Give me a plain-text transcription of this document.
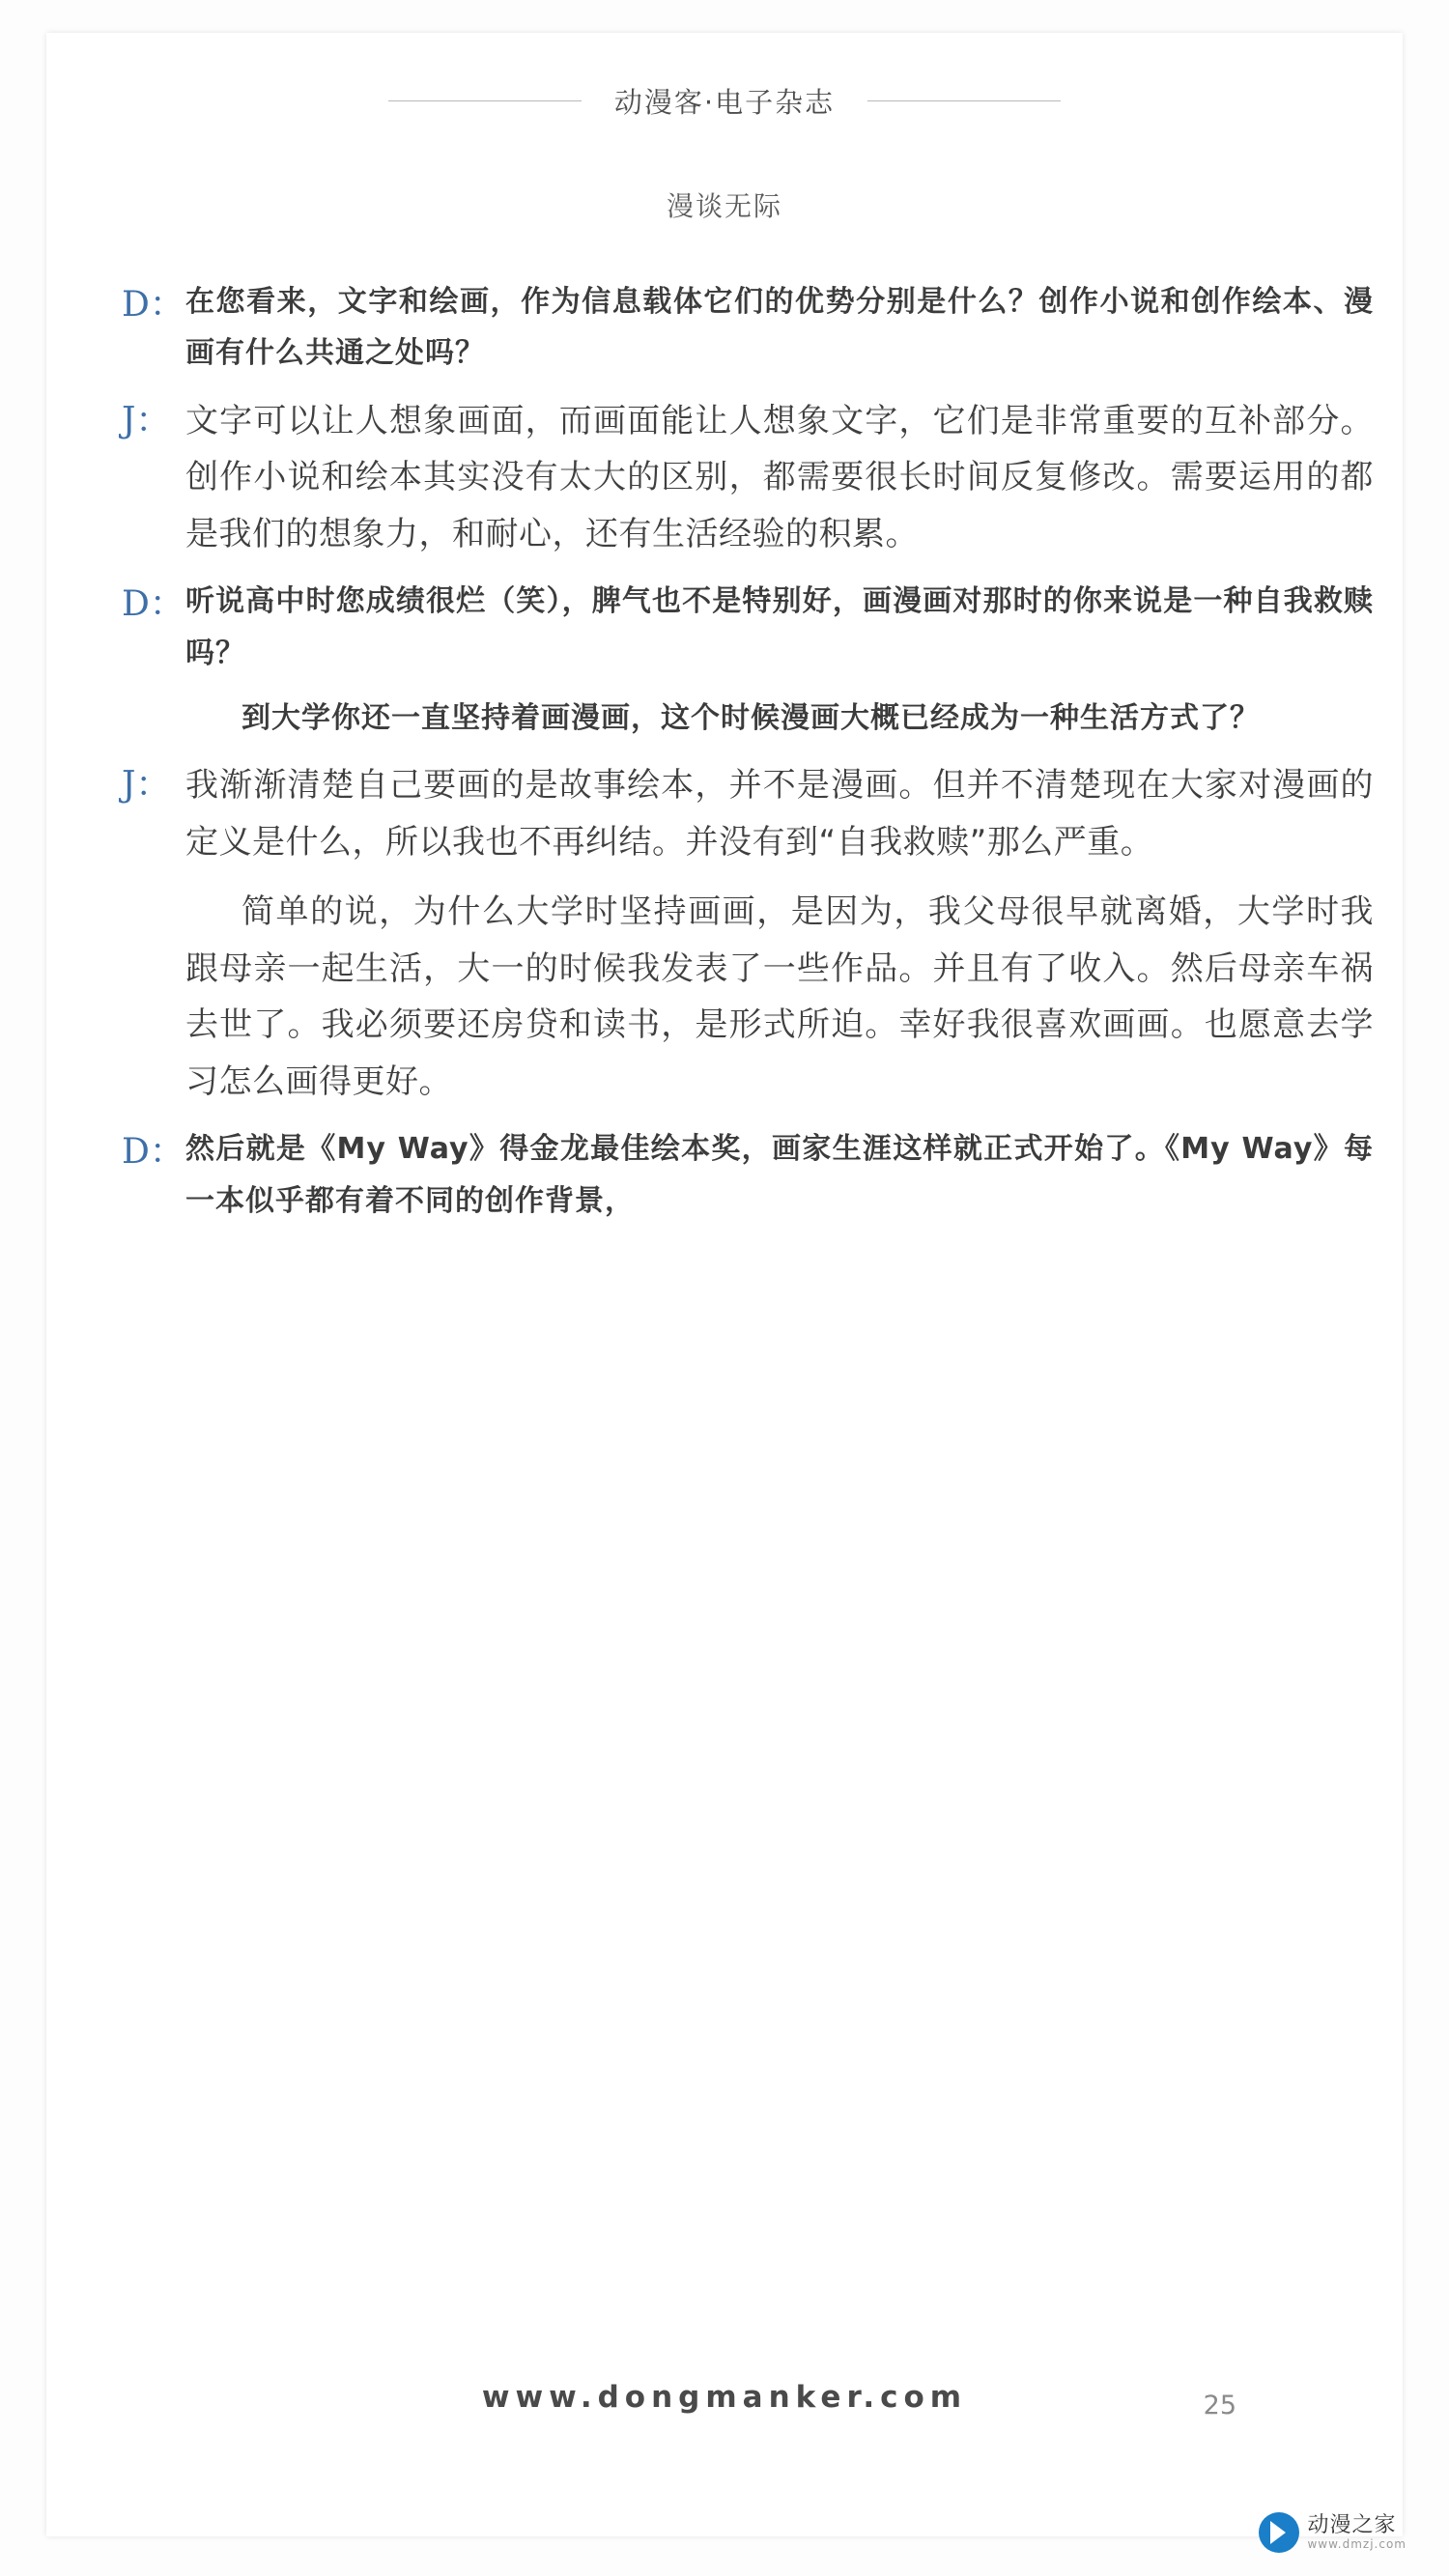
动漫客·电子杂志
漫谈无际
D： 在您看来，文字和绘画，作为信息载体它们的优势分别是什么？创作小说和创作绘本、漫画有什么共通之处吗？
J： 文字可以让人想象画面，而画面能让人想象文字，它们是非常重要的互补部分。创作小说和绘本其实没有太大的区别，都需要很长时间反复修改。需要运用的都是我们的想象力，和耐心，还有生活经验的积累。
D： 听说高中时您成绩很烂（笑），脾气也不是特别好，画漫画对那时的你来说是一种自我救赎吗？
到大学你还一直坚持着画漫画，这个时候漫画大概已经成为一种生活方式了？
J： 我渐渐清楚自己要画的是故事绘本，并不是漫画。但并不清楚现在大家对漫画的定义是什么，所以我也不再纠结。并没有到“自我救赎”那么严重。
简单的说，为什么大学时坚持画画，是因为，我父母很早就离婚，大学时我跟母亲一起生活，大一的时候我发表了一些作品。并且有了收入。然后母亲车祸去世了。我必须要还房贷和读书，是形式所迫。幸好我很喜欢画画。也愿意去学习怎么画得更好。
D： 然后就是《My Way》得金龙最佳绘本奖，画家生涯这样就正式开始了。《My Way》每一本似乎都有着不同的创作背景，
www.dongmanker.com	25
动漫之家
www.dmzj.com
